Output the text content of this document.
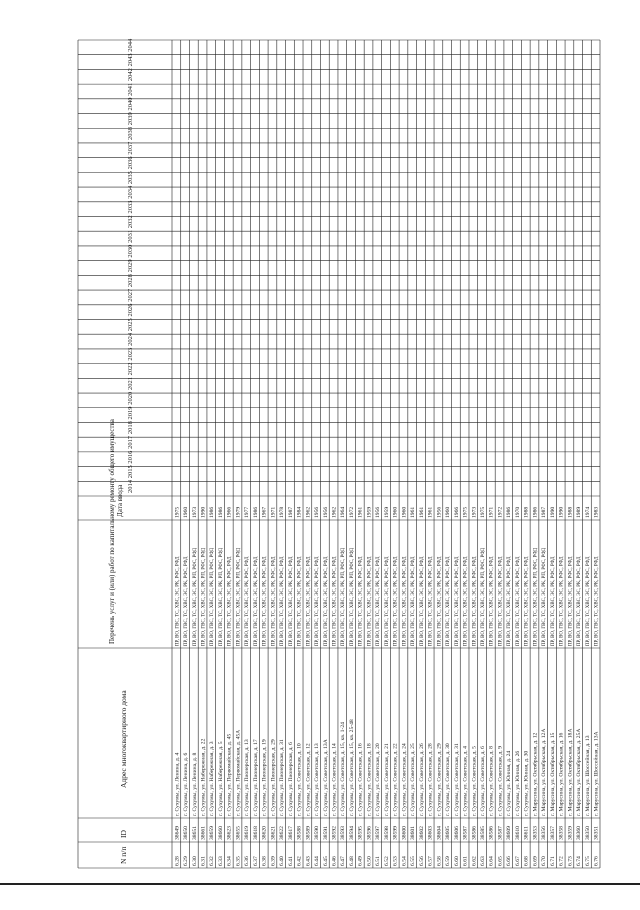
N п/п
ID
Адрес многоквартирного дома
Перечень услуг и (или) работ по капитальному ремонту общего имущества Дата ввода 2014
2015
2016
2017
2018
2019
2020
2021
2022
2023
2024
2025
2026
2027
2028
2029
2030
2031
2032
2033
2034
2035
2036
2037
2038
2039
2040
2041
2042
2043
2044
6.28
38649
г. Сухумы, ул. Ленина, д. 4
ПР, ВО, ГВС, ТС, ХВС, ЭС, РК, РФС, РФД
1975
6.29
38650
г. Сухумы, ул. Ленина, д. 6
ПР, ВО, ГВС, ТС, ХВС, ЭС, РК, РФС, РФД
1960
6.30
38651
г. Сухумы, ул. Ленина, д. 8
ПР, ВО, ГВС, ТС, ХВС, ЭС, РК, РП, РФС, РФД
1973
6.31
38661
г. Сухумы, ул. Набережная, д. 22
ПР, ВО, ГВС, ТС, ХВС, ЭС, РК, РП, РФС, РФД
1990
6.32
38659
г. Сухумы, ул. Набережная, д. 3
ПР, ВО, ГВС, ТС, ХВС, ЭС, РК, РП, РФС, РФД
1986
6.33
38660
г. Сухумы, ул. Набережная, д. 5
ПР, ВО, ГВС, ТС, ХВС, ЭС, РК, РП, РФС, РФД
1986
6.34
38623
г. Сухумы, ул. Первомайская, д. 45
ПР, ВО, ГВС, ТС, ХВС, ЭС, РК, РФС, РФД
1966
6.35
38655
г. Сухумы, ул. Первомайская, д. 45А
ПР, ВО, ГВС, ТС, ХВС, ЭС, РК, РП, РФС, РФД
1979
6.36
38619
г. Сухумы, ул. Пионерская, д. 13
ПР, ВО, ГВС, ТС, ХВС, ЭС, РК, РФС, РФД
1977
6.37
38618
г. Сухумы, ул. Пионерская, д. 17
ПР, ВО, ГВС, ТС, ХВС, ЭС, РК, РФС, РФД
1986
6.38
38620
г. Сухумы, ул. Пионерская, д. 19
ПР, ВО, ГВС, ТС, ХВС, ЭС, РК, РФС, РФД
1967
6.39
38621
г. Сухумы, ул. Пионерская, д. 29
ПР, ВО, ГВС, ТС, ХВС, ЭС, РК, РФС, РФД
1971
6.40
38622
г. Сухумы, ул. Пионерская, д. 31
ПР, ВО, ГВС, ТС, ХВС, ЭС, РК, РФС, РФД
1978
6.41
38617
г. Сухумы, ул. Пионерская, д. 6
ПР, ВО, ГВС, ТС, ХВС, ЭС, РК, РФС, РФД
1987
6.42
38588
г. Сухумы, ул. Советская, д. 10
ПР, ВО, ГВС, ТС, ХВС, ЭС, РК, РФС, РФД
1984
6.43
38589
г. Сухумы, ул. Советская, д. 12
ПР, ВО, ГВС, ТС, ХВС, ЭС, РК, РФС, РФД
1962
6.44
38590
г. Сухумы, ул. Советская, д. 13
ПР, ВО, ГВС, ТС, ХВС, ЭС, РК, РФС, РФД
1956
6.45
38591
г. Сухумы, ул. Советская, д. 13А
ПР, ВО, ГВС, ТС, ХВС, ЭС, РК, РФС, РФД
1956
6.46
38592
г. Сухумы, ул. Советская, д. 14
ПР, ВО, ГВС, ТС, ХВС, ЭС, РК, РФС, РФД
1962
6.47
38593
г. Сухумы, ул. Советская, д. 15, кв. 1-24
ПР, ВО, ГВС, ТС, ХВС, ЭС, РК, РП, РФС, РФД
1964
6.48
38594
г. Сухумы, ул. Советская, д. 15, кв. 25-48
ПР, ВО, ГВС, ТС, ХВС, ЭС, РК, РП, РФС, РФД
1972
6.49
38595
г. Сухумы, ул. Советская, д. 16
ПР, ВО, ГВС, ТС, ХВС, ЭС, РК, РФС, РФД
1961
6.50
38596
г. Сухумы, ул. Советская, д. 18
ПР, ВО, ГВС, ТС, ХВС, ЭС, РК, РФС, РФД
1959
6.51
38597
г. Сухумы, ул. Советская, д. 20
ПР, ВО, ГВС, ТС, ХВС, ЭС, РК, РФС, РФД
1956
6.52
38598
г. Сухумы, ул. Советская, д. 21
ПР, ВО, ГВС, ТС, ХВС, ЭС, РК, РФС, РФД
1959
6.53
38599
г. Сухумы, ул. Советская, д. 22
ПР, ВО, ГВС, ТС, ХВС, ЭС, РК, РФС, РФД
1960
6.54
38600
г. Сухумы, ул. Советская, д. 24
ПР, ВО, ГВС, ТС, ХВС, ЭС, РК, РФС, РФД
1960
6.55
38601
г. Сухумы, ул. Советская, д. 25
ПР, ВО, ГВС, ТС, ХВС, ЭС, РК, РФС, РФД
1961
6.56
38602
г. Сухумы, ул. Советская, д. 26
ПР, ВО, ГВС, ТС, ХВС, ЭС, РК, РФС, РФД
1961
6.57
38603
г. Сухумы, ул. Советская, д. 28
ПР, ВО, ГВС, ТС, ХВС, ЭС, РК, РФС, РФД
1961
6.58
38604
г. Сухумы, ул. Советская, д. 29
ПР, ВО, ГВС, ТС, ХВС, ЭС, РК, РФС, РФД
1956
6.59
38605
г. Сухумы, ул. Советская, д. 30
ПР, ВО, ГВС, ТС, ХВС, ЭС, РК, РФС, РФД
1960
6.60
38606
г. Сухумы, ул. Советская, д. 31
ПР, ВО, ГВС, ТС, ХВС, ЭС, РК, РФС, РФД
1966
6.61
38587
г. Сухумы, ул. Советская, д. 4
ПР, ВО, ГВС, ТС, ХВС, ЭС, РК, РФС, РФД
1975
6.62
38586
г. Сухумы, ул. Советская, д. 5
ПР, ВО, ГВС, ТС, ХВС, ЭС, РК, РФС, РФД
1973
6.63
38585
г. Сухумы, ул. Советская, д. 6
ПР, ВО, ГВС, ТС, ХВС, ЭС, РК, РП, РФС, РФД
1975
6.64
38586
г. Сухумы, ул. Советская, д. 8
ПР, ВО, ГВС, ТС, ХВС, ЭС, РК, РФС, РФД
1971
6.65
38587
г. Сухумы, ул. Советская, д. 9
ПР, ВО, ГВС, ТС, ХВС, ЭС, РК, РФС, РФД
1972
6.66
38609
г. Сухумы, ул. Юнная, д. 24
ПР, ВО, ГВС, ТС, ХВС, ЭС, РК, РФС, РФД
1986
6.67
38610
г. Сухумы, ул. Юнная, д. 26
ПР, ВО, ГВС, ТС, ХВС, ЭС, РК, РФС, РФД
1970
6.68
38611
г. Сухумы, ул. Юнная, д. 30
ПР, ВО, ГВС, ТС, ХВС, ЭС, РК, РФС, РФД
1988
6.69
38353
г. Марусина, ул. Октябрьская, д. 12
ПР, ВО, ГВС, ТС, ХВС, ЭС, РК, РП, РФС, РФД
1986
6.70
38356
г. Марусина, ул. Октябрьская, д. 12А
ПР, ВО, ГВС, ТС, ХВС, ЭС, РК, РП, РФС, РФД
1987
6.71
38357
г. Марусина, ул. Октябрьская, д. 15
ПР, ВО, ГВС, ТС, ХВС, ЭС, РК, РФС, РФД
1990
6.72
38358
г. Марусина, ул. Октябрьская, д. 16
ПР, ВО, ГВС, ТС, ХВС, ЭС, РК, РФС, РФД
1990
6.73
38359
г. Марусина, ул. Октябрьская, д. 18А
ПР, ВО, ГВС, ТС, ХВС, ЭС, РК, РФС, РФД
1988
6.74
38360
г. Марусина, ул. Октябрьская, д. 25А
ПР, ВО, ГВС, ТС, ХВС, ЭС, РК, РФС, РФД
1989
6.75
38350
г. Марусина, ул. Шоссейная, д. 13
ПР, ВО, ГВС, ТС, ХВС, ЭС, РК, РФС, РФД
1974
6.76
38351
г. Марусина, ул. Шоссейная, д. 13А
ПР, ВО, ГВС, ТС, ХВС, ЭС, РК, РФС, РФД
1983
